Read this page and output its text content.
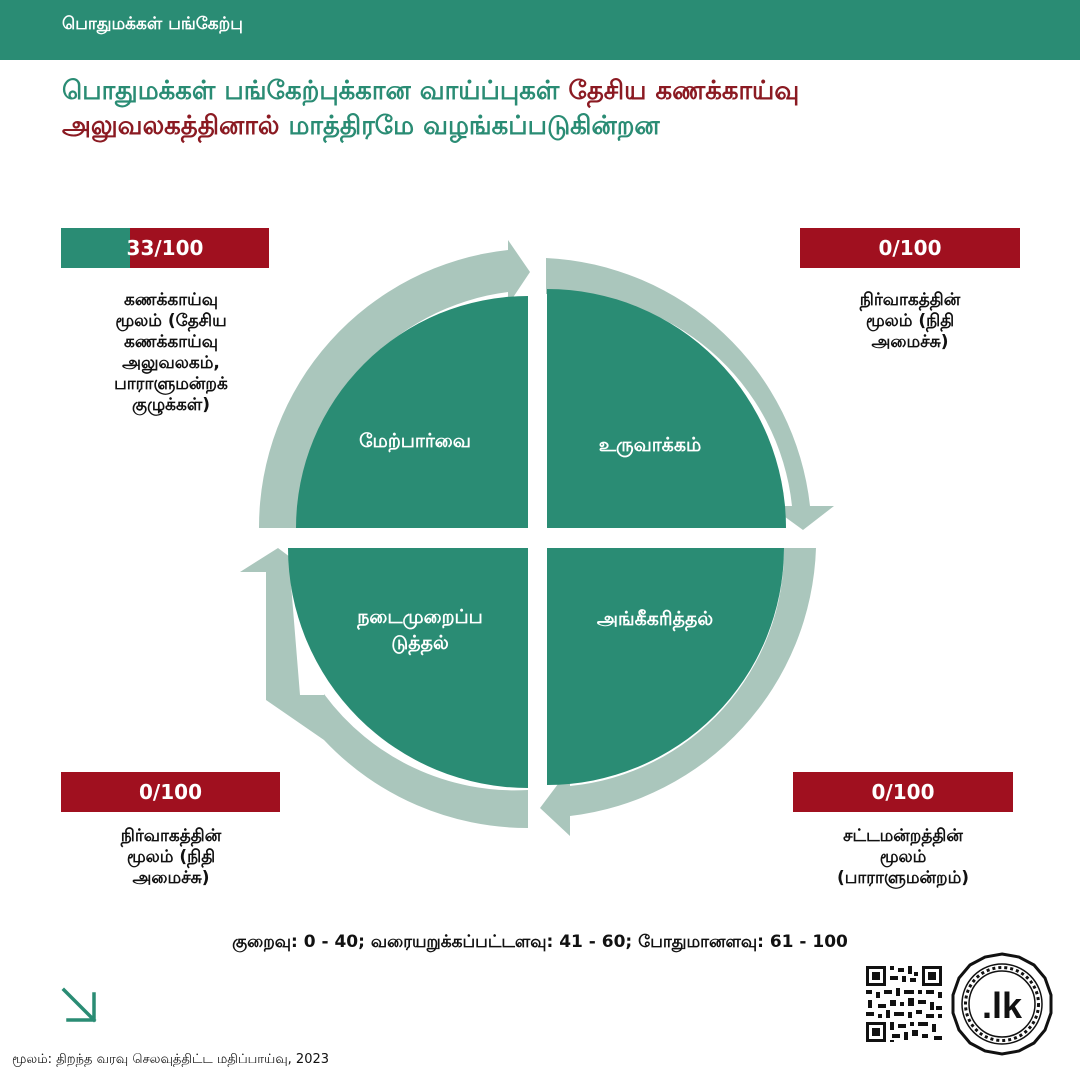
பொதுமக்கள் பங்கேற்பு
பொதுமக்கள் பங்கேற்புக்கான வாய்ப்புகள் தேசிய கணக்காய்வு அலுவலகத்தினால் மாத்திரமே வழங்கப்படுகின்றன
மேற்பார்வை	உருவாக்கம்
அங்கீகரித்தல்
நடைமுறைப்ப
டுத்தல்
33/100	0/100
0/100	0/100
கணக்காய்வு
மூலம் (தேசிய
கணக்காய்வு
அலுவலகம்,
பாராளுமன்றக்
குழுக்கள்)
நிர்வாகத்தின்
மூலம் (நிதி
அமைச்சு)
நிர்வாகத்தின்
மூலம் (நிதி
அமைச்சு)
சட்டமன்றத்தின்
மூலம்
(பாராளுமன்றம்)
குறைவு: 0 - 40; வரையறுக்கப்பட்டளவு: 41 - 60; போதுமானளவு: 61 - 100
.lk
மூலம்: திறந்த வரவு செலவுத்திட்ட மதிப்பாய்வு, 2023
